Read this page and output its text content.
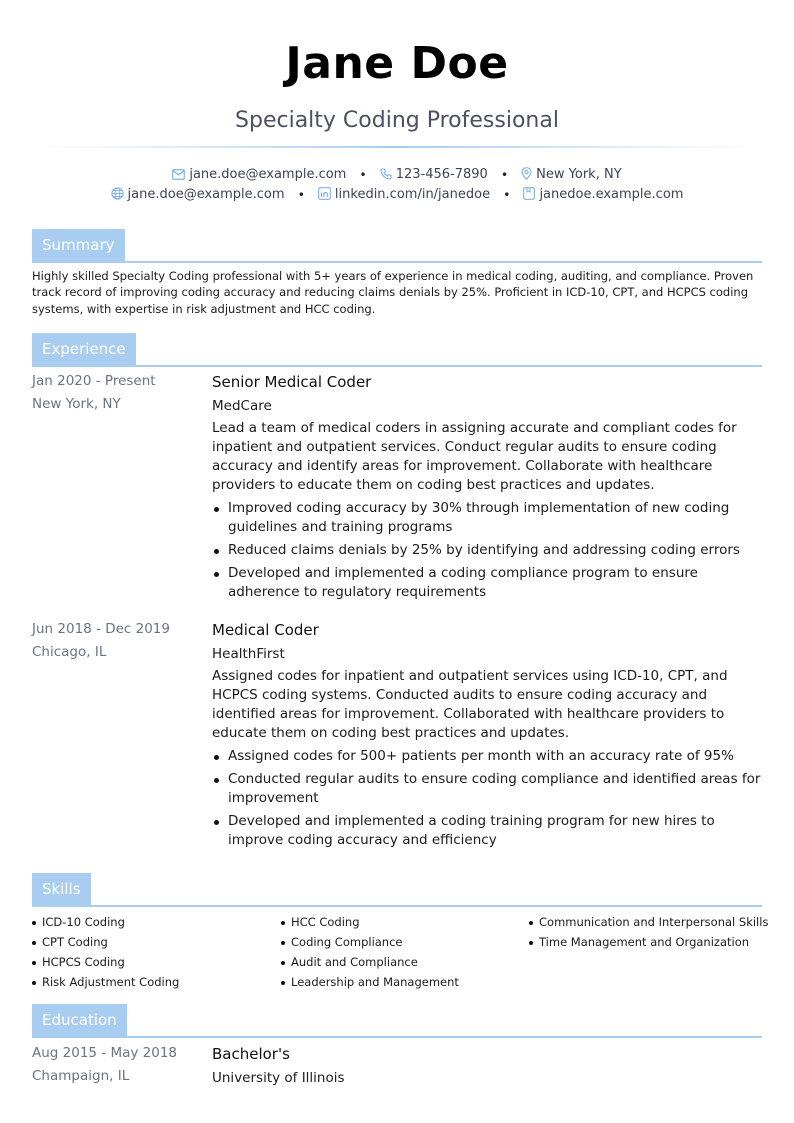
Jane Doe
Specialty Coding Professional
jane.doe@example.com • 123-456-7890 • New York, NY
jane.doe@example.com • linkedin.com/in/janedoe • janedoe.example.com
Summary
Highly skilled Specialty Coding professional with 5+ years of experience in medical coding, auditing, and compliance. Proven track record of improving coding accuracy and reducing claims denials by 25%. Proficient in ICD-10, CPT, and HCPCS coding systems, with expertise in risk adjustment and HCC coding.
Experience
Jan 2020 - Present
New York, NY
Senior Medical Coder
MedCare
Lead a team of medical coders in assigning accurate and compliant codes for inpatient and outpatient services. Conduct regular audits to ensure coding accuracy and identify areas for improvement. Collaborate with healthcare providers to educate them on coding best practices and updates.
Improved coding accuracy by 30% through implementation of new coding guidelines and training programs
Reduced claims denials by 25% by identifying and addressing coding errors
Developed and implemented a coding compliance program to ensure adherence to regulatory requirements
Jun 2018 - Dec 2019
Chicago, IL
Medical Coder
HealthFirst
Assigned codes for inpatient and outpatient services using ICD-10, CPT, and HCPCS coding systems. Conducted audits to ensure coding accuracy and identified areas for improvement. Collaborated with healthcare providers to educate them on coding best practices and updates.
Assigned codes for 500+ patients per month with an accuracy rate of 95%
Conducted regular audits to ensure coding compliance and identified areas for improvement
Developed and implemented a coding training program for new hires to improve coding accuracy and efficiency
Skills
ICD-10 Coding
CPT Coding
HCPCS Coding
Risk Adjustment Coding
HCC Coding
Coding Compliance
Audit and Compliance
Leadership and Management
Communication and Interpersonal Skills
Time Management and Organization
Education
Aug 2015 - May 2018
Champaign, IL
Bachelor's
University of Illinois
